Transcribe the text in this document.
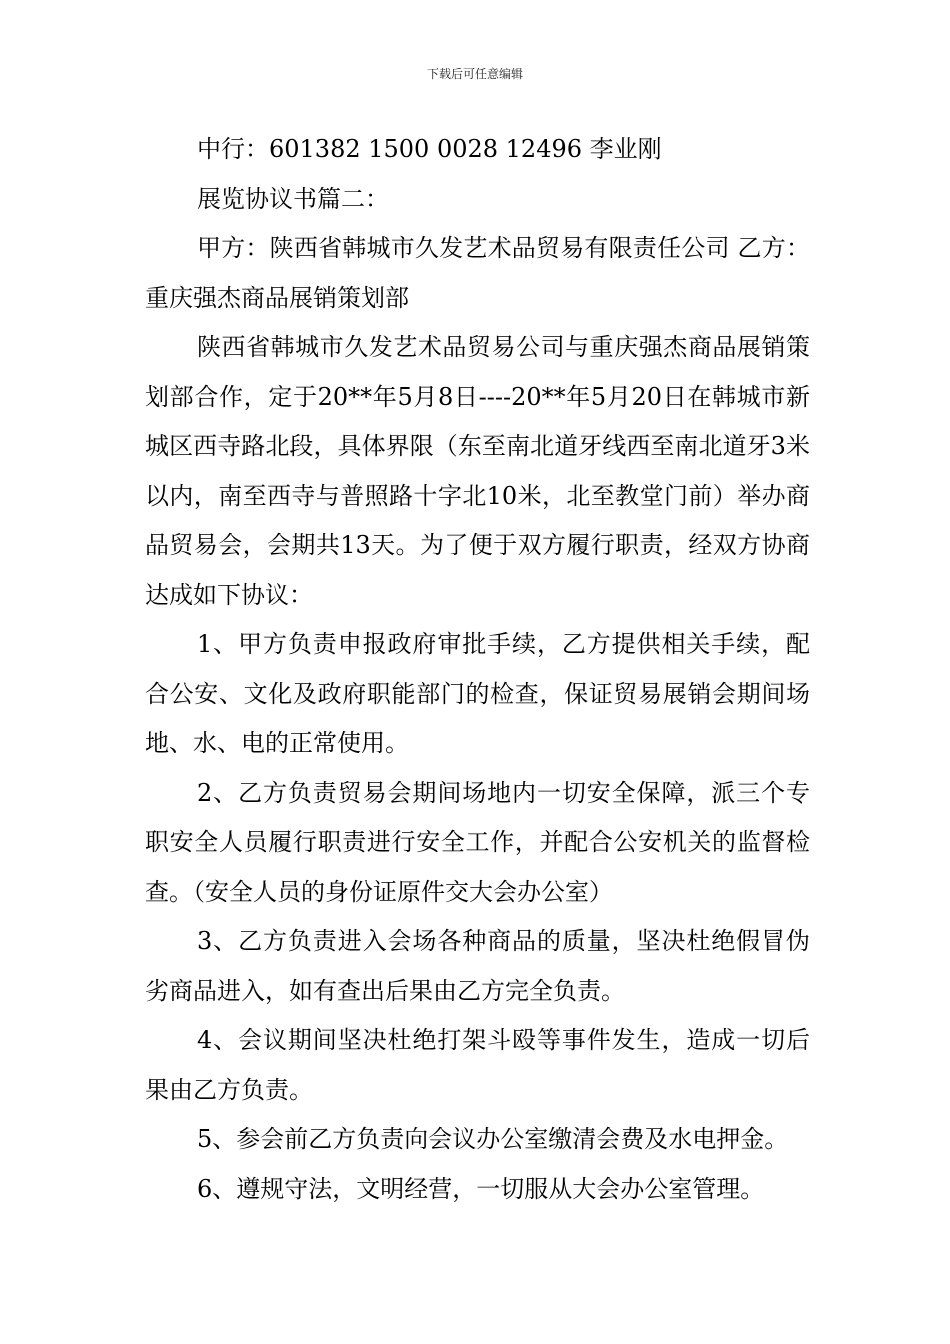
下载后可任意编辑

中行：601382 1500 0028 12496 李业刚

展览协议书篇二：

甲方：陕西省韩城市久发艺术品贸易有限责任公司 乙方：重庆强杰商品展销策划部

陕西省韩城市久发艺术品贸易公司与重庆强杰商品展销策划部合作，定于20**年5月8日----20**年5月20日在韩城市新城区西寺路北段，具体界限（东至南北道牙线西至南北道牙3米以内，南至西寺与普照路十字北10米，北至教堂门前）举办商品贸易会，会期共13天。为了便于双方履行职责，经双方协商达成如下协议：

1、甲方负责申报政府审批手续，乙方提供相关手续，配合公安、文化及政府职能部门的检查，保证贸易展销会期间场地、水、电的正常使用。

2、乙方负责贸易会期间场地内一切安全保障，派三个专职安全人员履行职责进行安全工作，并配合公安机关的监督检查。（安全人员的身份证原件交大会办公室）

3、乙方负责进入会场各种商品的质量，坚决杜绝假冒伪劣商品进入，如有查出后果由乙方完全负责。

4、会议期间坚决杜绝打架斗殴等事件发生，造成一切后果由乙方负责。

5、参会前乙方负责向会议办公室缴清会费及水电押金。

6、遵规守法，文明经营，一切服从大会办公室管理。
